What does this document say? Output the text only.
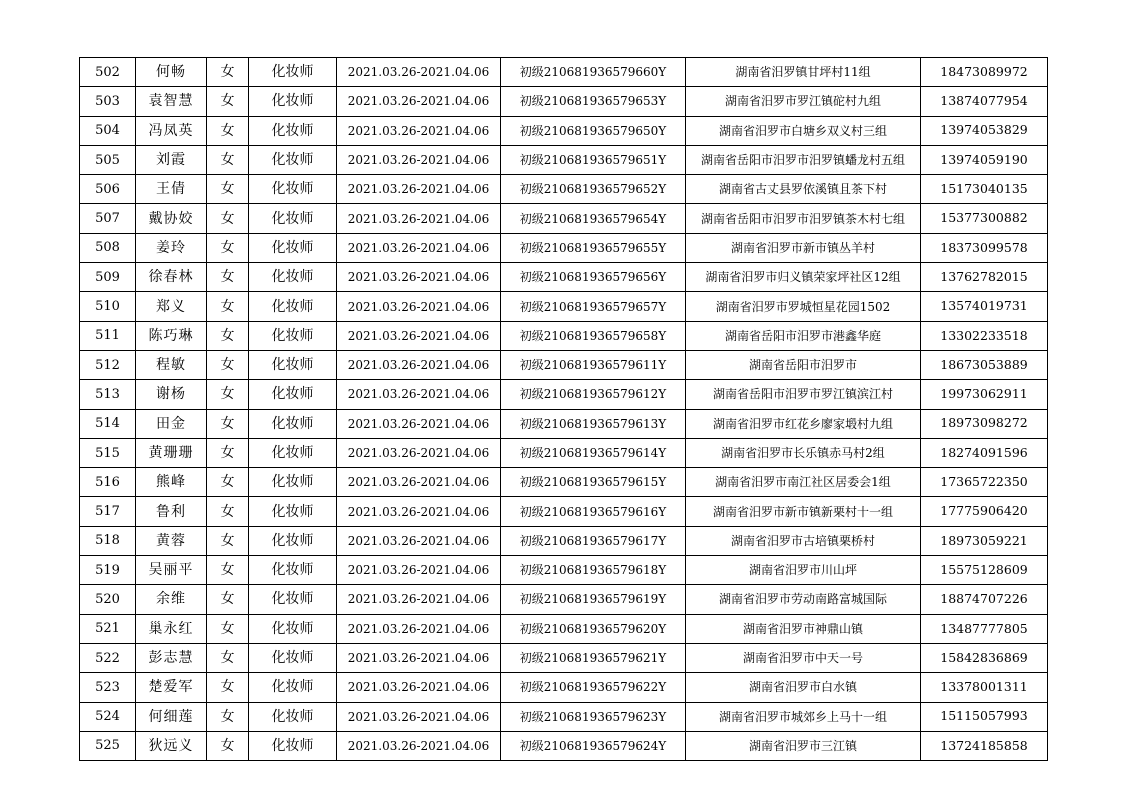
502	何畅	女	化妆师	2021.03.26-2021.04.06	初级210681936579660Y	湖南省汨罗镇甘坪村11组	18473089972
503	袁智慧	女	化妆师	2021.03.26-2021.04.06	初级210681936579653Y	湖南省汨罗市罗江镇砣村九组	13874077954
504	冯凤英	女	化妆师	2021.03.26-2021.04.06	初级210681936579650Y	湖南省汨罗市白塘乡双义村三组	13974053829
505	刘霞	女	化妆师	2021.03.26-2021.04.06	初级210681936579651Y	湖南省岳阳市汨罗市汨罗镇蟠龙村五组	13974059190
506	王倩	女	化妆师	2021.03.26-2021.04.06	初级210681936579652Y	湖南省古丈县罗依溪镇且茶下村	15173040135
507	戴协姣	女	化妆师	2021.03.26-2021.04.06	初级210681936579654Y	湖南省岳阳市汨罗市汨罗镇茶木村七组	15377300882
508	姜玲	女	化妆师	2021.03.26-2021.04.06	初级210681936579655Y	湖南省汨罗市新市镇丛羊村	18373099578
509	徐春林	女	化妆师	2021.03.26-2021.04.06	初级210681936579656Y	湖南省汨罗市归义镇荣家坪社区12组	13762782015
510	郑义	女	化妆师	2021.03.26-2021.04.06	初级210681936579657Y	湖南省汨罗市罗城恒星花园1502	13574019731
511	陈巧琳	女	化妆师	2021.03.26-2021.04.06	初级210681936579658Y	湖南省岳阳市汨罗市港鑫华庭	13302233518
512	程敏	女	化妆师	2021.03.26-2021.04.06	初级210681936579611Y	湖南省岳阳市汨罗市	18673053889
513	谢杨	女	化妆师	2021.03.26-2021.04.06	初级210681936579612Y	湖南省岳阳市汨罗市罗江镇滨江村	19973062911
514	田金	女	化妆师	2021.03.26-2021.04.06	初级210681936579613Y	湖南省汨罗市红花乡廖家塅村九组	18973098272
515	黄珊珊	女	化妆师	2021.03.26-2021.04.06	初级210681936579614Y	湖南省汨罗市长乐镇赤马村2组	18274091596
516	熊峰	女	化妆师	2021.03.26-2021.04.06	初级210681936579615Y	湖南省汨罗市南江社区居委会1组	17365722350
517	鲁利	女	化妆师	2021.03.26-2021.04.06	初级210681936579616Y	湖南省汨罗市新市镇新栗村十一组	17775906420
518	黄蓉	女	化妆师	2021.03.26-2021.04.06	初级210681936579617Y	湖南省汨罗市古培镇栗桥村	18973059221
519	吴丽平	女	化妆师	2021.03.26-2021.04.06	初级210681936579618Y	湖南省汨罗市川山坪	15575128609
520	余维	女	化妆师	2021.03.26-2021.04.06	初级210681936579619Y	湖南省汨罗市劳动南路富城国际	18874707226
521	巢永红	女	化妆师	2021.03.26-2021.04.06	初级210681936579620Y	湖南省汨罗市神鼎山镇	13487777805
522	彭志慧	女	化妆师	2021.03.26-2021.04.06	初级210681936579621Y	湖南省汨罗市中天一号	15842836869
523	楚爱军	女	化妆师	2021.03.26-2021.04.06	初级210681936579622Y	湖南省汨罗市白水镇	13378001311
524	何细莲	女	化妆师	2021.03.26-2021.04.06	初级210681936579623Y	湖南省汨罗市城郊乡上马十一组	15115057993
525	狄远义	女	化妆师	2021.03.26-2021.04.06	初级210681936579624Y	湖南省汨罗市三江镇	13724185858
